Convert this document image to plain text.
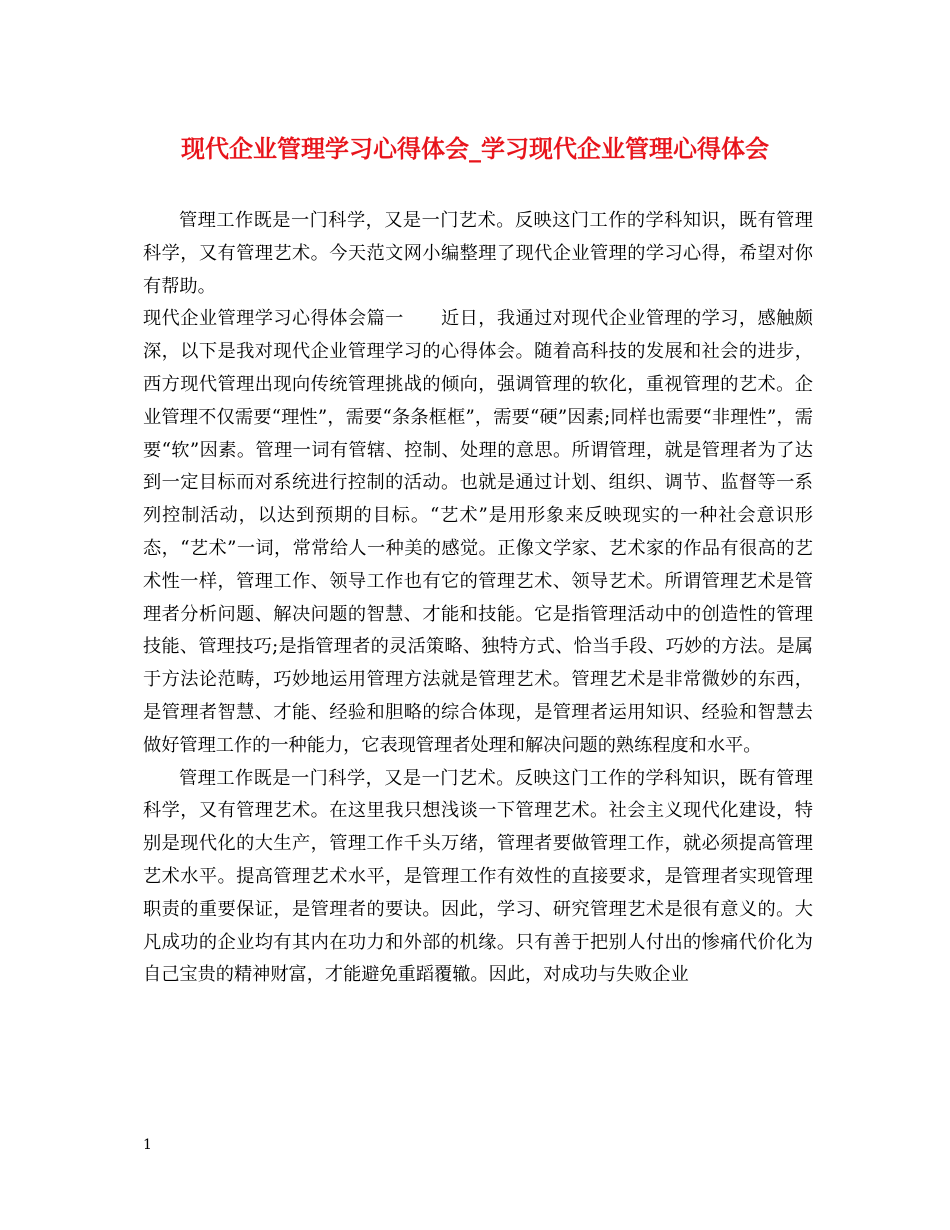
现代企业管理学习心得体会_学习现代企业管理心得体会

管理工作既是一门科学，又是一门艺术。反映这门工作的学科知识，既有管理科学，又有管理艺术。今天范文网小编整理了现代企业管理的学习心得，希望对你有帮助。

现代企业管理学习心得体会篇一　　近日，我通过对现代企业管理的学习，感触颇深，以下是我对现代企业管理学习的心得体会。随着高科技的发展和社会的进步，西方现代管理出现向传统管理挑战的倾向，强调管理的软化，重视管理的艺术。企业管理不仅需要“理性”，需要“条条框框”，需要“硬”因素;同样也需要“非理性”，需要“软”因素。管理一词有管辖、控制、处理的意思。所谓管理，就是管理者为了达到一定目标而对系统进行控制的活动。也就是通过计划、组织、调节、监督等一系列控制活动，以达到预期的目标。“艺术”是用形象来反映现实的一种社会意识形态，“艺术”一词，常常给人一种美的感觉。正像文学家、艺术家的作品有很高的艺术性一样，管理工作、领导工作也有它的管理艺术、领导艺术。所谓管理艺术是管理者分析问题、解决问题的智慧、才能和技能。它是指管理活动中的创造性的管理技能、管理技巧;是指管理者的灵活策略、独特方式、恰当手段、巧妙的方法。是属于方法论范畴，巧妙地运用管理方法就是管理艺术。管理艺术是非常微妙的东西，是管理者智慧、才能、经验和胆略的综合体现，是管理者运用知识、经验和智慧去做好管理工作的一种能力，它表现管理者处理和解决问题的熟练程度和水平。

管理工作既是一门科学，又是一门艺术。反映这门工作的学科知识，既有管理科学，又有管理艺术。在这里我只想浅谈一下管理艺术。社会主义现代化建设，特别是现代化的大生产，管理工作千头万绪，管理者要做管理工作，就必须提高管理艺术水平。提高管理艺术水平，是管理工作有效性的直接要求，是管理者实现管理职责的重要保证，是管理者的要诀。因此，学习、研究管理艺术是很有意义的。大凡成功的企业均有其内在功力和外部的机缘。只有善于把别人付出的惨痛代价化为自己宝贵的精神财富，才能避免重蹈覆辙。因此，对成功与失败企业

1
